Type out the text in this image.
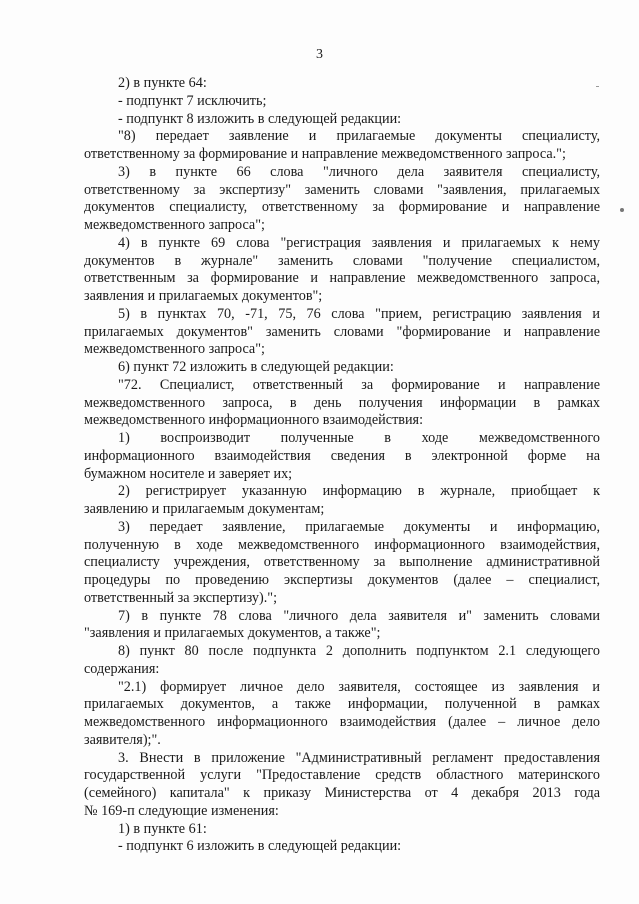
3
2) в пункте 64:
- подпункт 7 исключить;
- подпункт 8 изложить в следующей редакции:
"8) передает заявление и прилагаемые документы специалисту,
ответственному за формирование и направление межведомственного запроса.";
3) в пункте 66 слова "личного дела заявителя специалисту,
ответственному за экспертизу" заменить словами "заявления, прилагаемых
документов специалисту, ответственному за формирование и направление
межведомственного запроса";
4) в пункте 69 слова "регистрация заявления и прилагаемых к нему
документов в журнале" заменить словами "получение специалистом,
ответственным за формирование и направление межведомственного запроса,
заявления и прилагаемых документов";
5) в пунктах 70, ‑71, 75, 76 слова "прием, регистрацию заявления и
прилагаемых документов" заменить словами "формирование и направление
межведомственного запроса";
6) пункт 72 изложить в следующей редакции:
"72. Специалист, ответственный за формирование и направление
межведомственного запроса, в день получения информации в рамках
межведомственного информационного взаимодействия:
1) воспроизводит полученные в ходе межведомственного
информационного взаимодействия сведения в электронной форме на
бумажном носителе и заверяет их;
2) регистрирует указанную информацию в журнале, приобщает к
заявлению и прилагаемым документам;
3) передает заявление, прилагаемые документы и информацию,
полученную в ходе межведомственного информационного взаимодействия,
специалисту учреждения, ответственному за выполнение административной
процедуры по проведению экспертизы документов (далее – специалист,
ответственный за экспертизу).";
7) в пункте 78 слова "личного дела заявителя и" заменить словами
"заявления и прилагаемых документов, а также";
8) пункт 80 после подпункта 2 дополнить подпунктом 2.1 следующего
содержания:
"2.1) формирует личное дело заявителя, состоящее из заявления и
прилагаемых документов, а также информации, полученной в рамках
межведомственного информационного взаимодействия (далее – личное дело
заявителя);".
3. Внести в приложение "Административный регламент предоставления
государственной услуги "Предоставление средств областного материнского
(семейного) капитала" к приказу Министерства от 4 декабря 2013 года
№ 169-п следующие изменения:
1) в пункте 61:
- подпункт 6 изложить в следующей редакции:
